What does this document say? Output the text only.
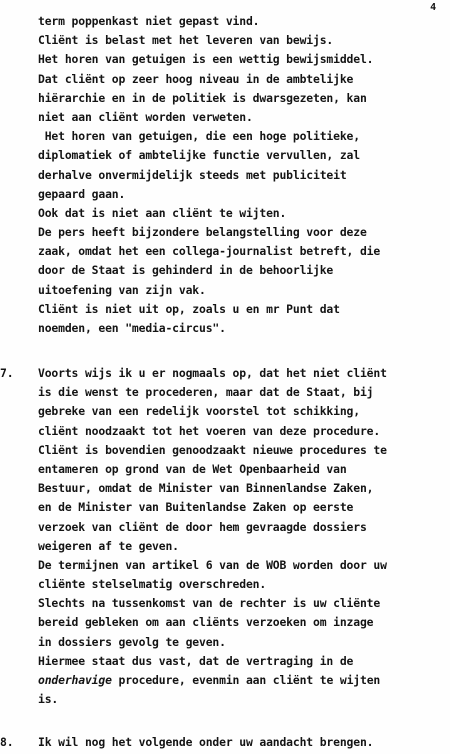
4
term poppenkast niet gepast vind.
Cliënt is belast met het leveren van bewijs.
Het horen van getuigen is een wettig bewijsmiddel.
Dat cliënt op zeer hoog niveau in de ambtelijke
hiërarchie en in de politiek is dwarsgezeten, kan
niet aan cliënt worden verweten.
Het horen van getuigen, die een hoge politieke,
diplomatiek of ambtelijke functie vervullen, zal
derhalve onvermijdelijk steeds met publiciteit
gepaard gaan.
Ook dat is niet aan cliënt te wijten.
De pers heeft bijzondere belangstelling voor deze
zaak, omdat het een collega-journalist betreft, die
door de Staat is gehinderd in de behoorlijke
uitoefening van zijn vak.
Cliënt is niet uit op, zoals u en mr Punt dat
noemden, een "media-circus".
7.	Voorts wijs ik u er nogmaals op, dat het niet cliënt
is die wenst te procederen, maar dat de Staat, bij
gebreke van een redelijk voorstel tot schikking,
cliënt noodzaakt tot het voeren van deze procedure.
Cliënt is bovendien genoodzaakt nieuwe procedures te
entameren op grond van de Wet Openbaarheid van
Bestuur, omdat de Minister van Binnenlandse Zaken,
en de Minister van Buitenlandse Zaken op eerste
verzoek van cliënt de door hem gevraagde dossiers
weigeren af te geven.
De termijnen van artikel 6 van de WOB worden door uw
cliënte stelselmatig overschreden.
Slechts na tussenkomst van de rechter is uw cliënte
bereid gebleken om aan cliënts verzoeken om inzage
in dossiers gevolg te geven.
Hiermee staat dus vast, dat de vertraging in de
onderhavige procedure, evenmin aan cliënt te wijten
is.
8.	Ik wil nog het volgende onder uw aandacht brengen.
